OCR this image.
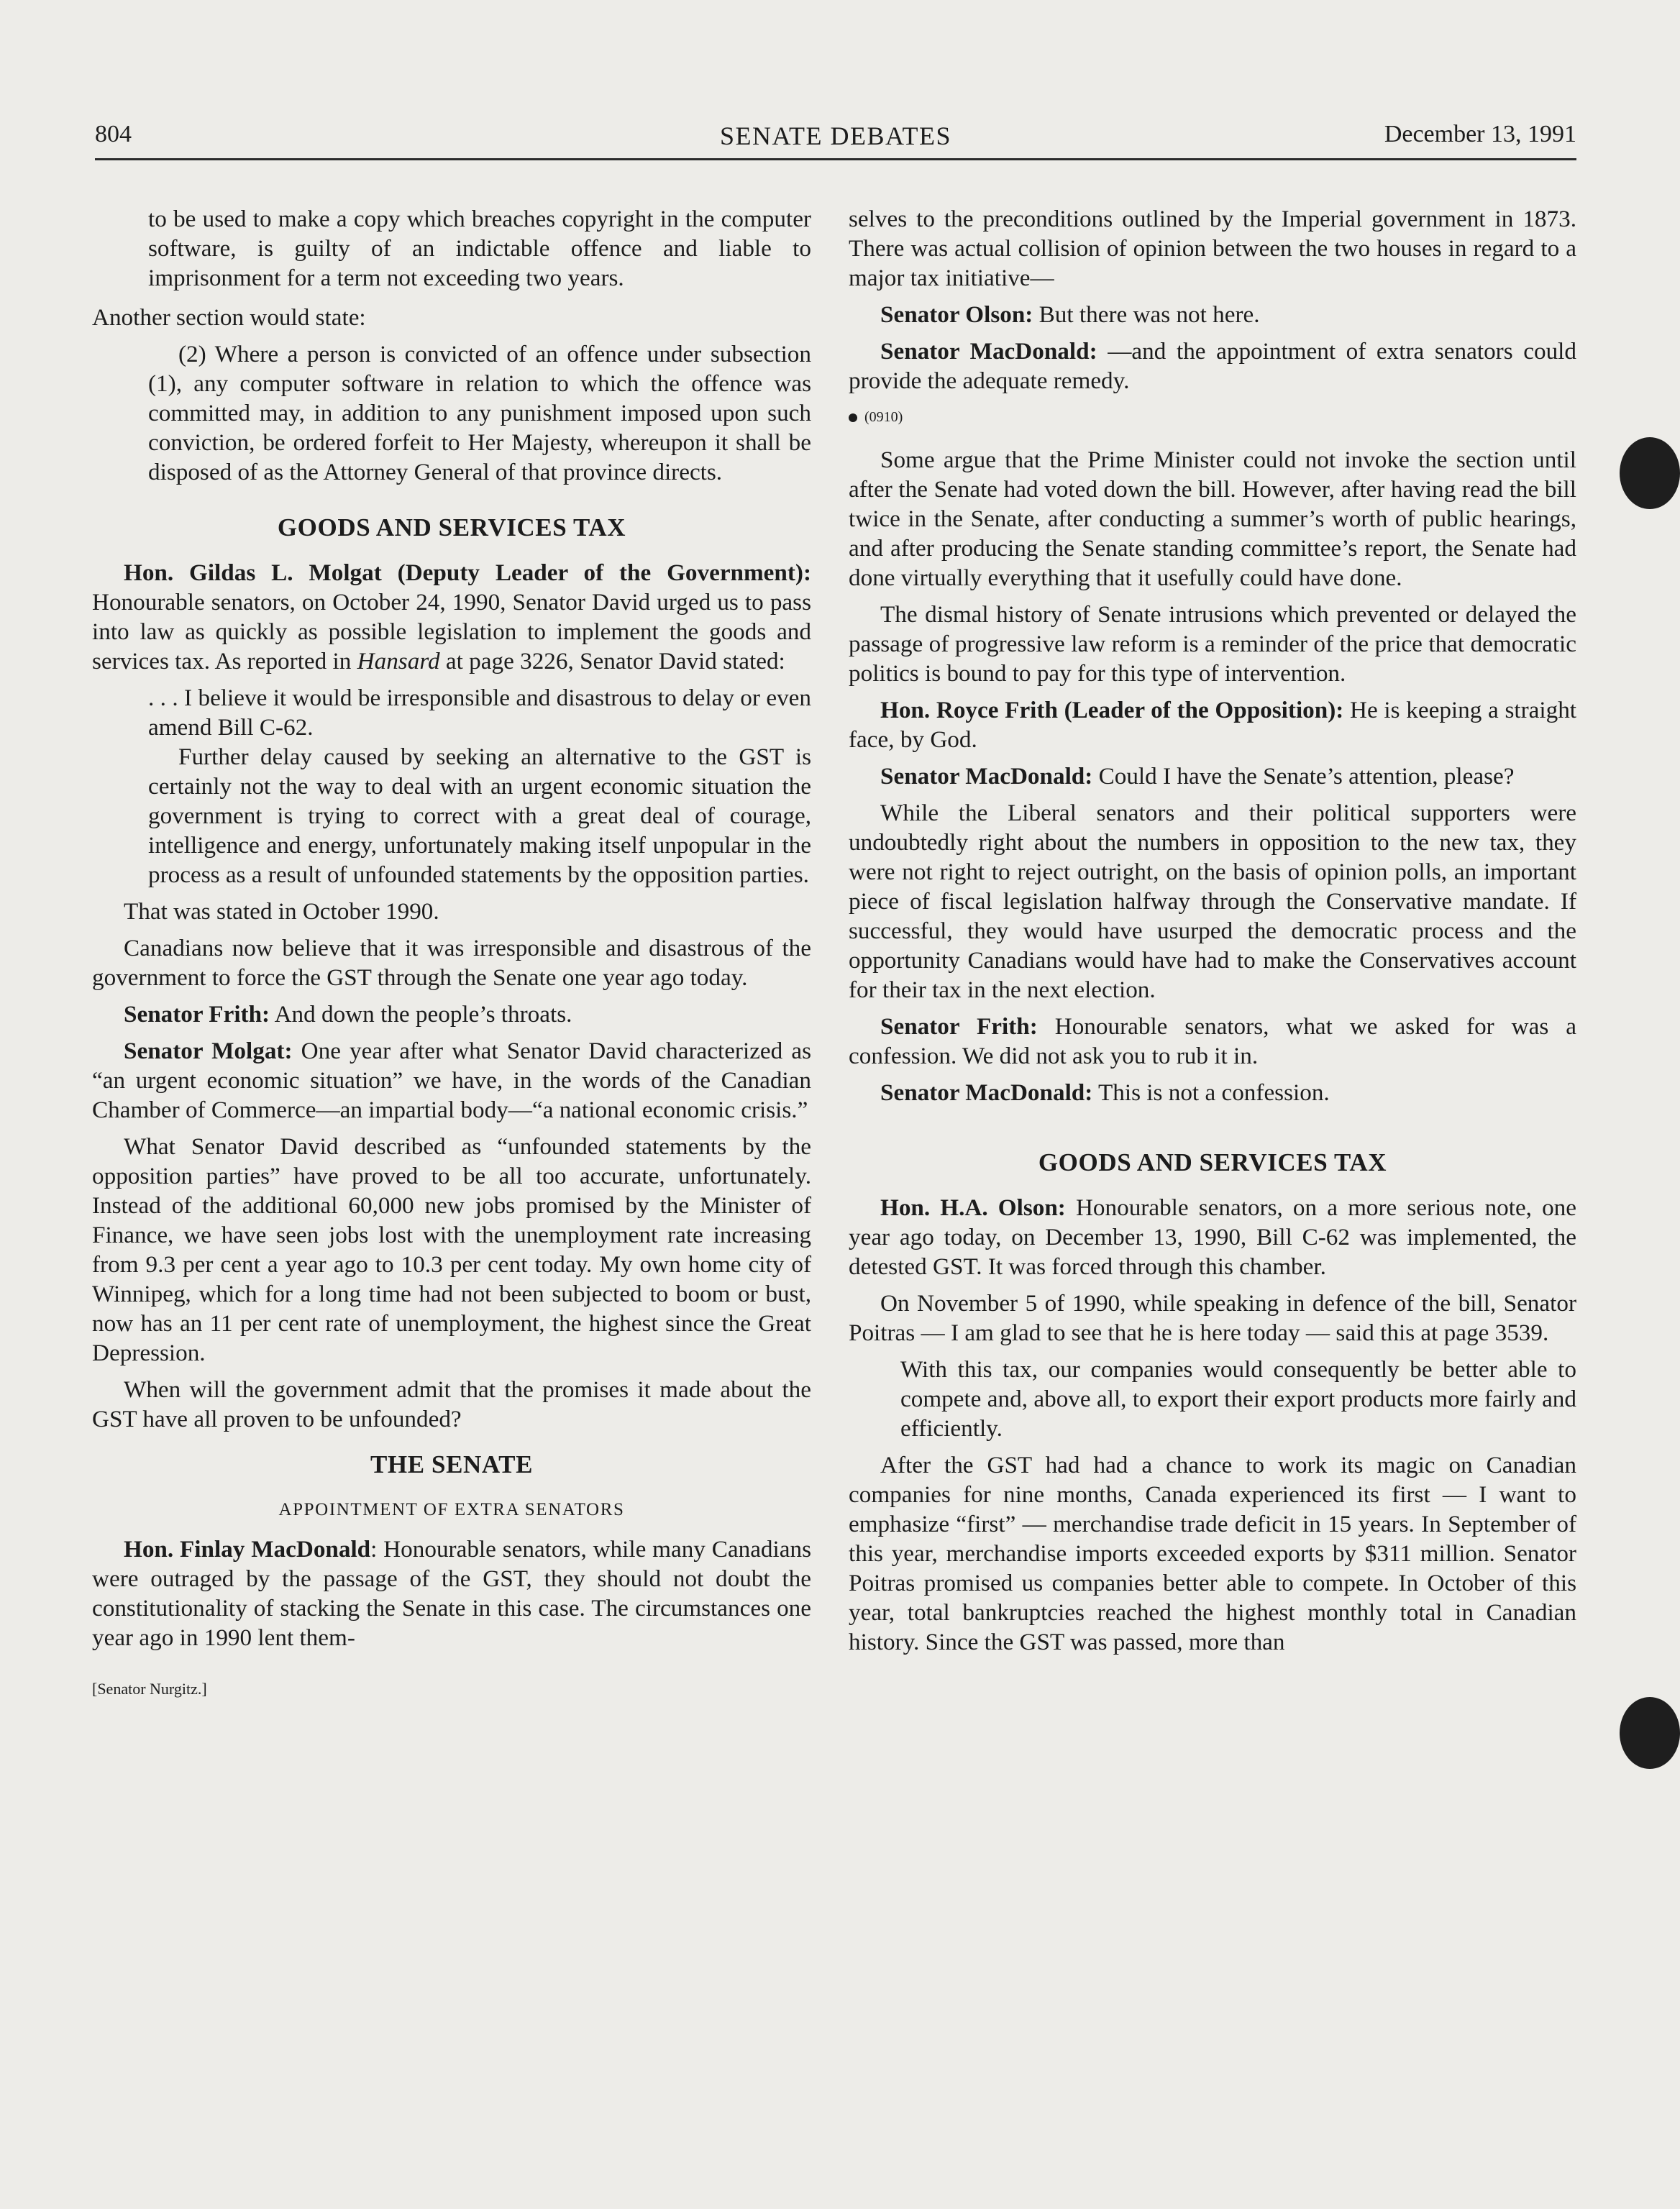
804	SENATE DEBATES	December 13, 1991

to be used to make a copy which breaches copyright in the computer software, is guilty of an indictable offence and liable to imprisonment for a term not exceeding two years.

Another section would state:

(2) Where a person is convicted of an offence under subsection (1), any computer software in relation to which the offence was committed may, in addition to any punishment imposed upon such conviction, be ordered forfeit to Her Majesty, whereupon it shall be disposed of as the Attorney General of that province directs.

GOODS AND SERVICES TAX

Hon. Gildas L. Molgat (Deputy Leader of the Government): Honourable senators, on October 24, 1990, Senator David urged us to pass into law as quickly as possible legislation to implement the goods and services tax. As reported in Hansard at page 3226, Senator David stated:

. . . I believe it would be irresponsible and disastrous to delay or even amend Bill C-62.

Further delay caused by seeking an alternative to the GST is certainly not the way to deal with an urgent economic situation the government is trying to correct with a great deal of courage, intelligence and energy, unfortunately making itself unpopular in the process as a result of unfounded statements by the opposition parties.

That was stated in October 1990.

Canadians now believe that it was irresponsible and disastrous of the government to force the GST through the Senate one year ago today.

Senator Frith: And down the people’s throats.

Senator Molgat: One year after what Senator David characterized as “an urgent economic situation” we have, in the words of the Canadian Chamber of Commerce—an impartial body—“a national economic crisis.”

What Senator David described as “unfounded statements by the opposition parties” have proved to be all too accurate, unfortunately. Instead of the additional 60,000 new jobs promised by the Minister of Finance, we have seen jobs lost with the unemployment rate increasing from 9.3 per cent a year ago to 10.3 per cent today. My own home city of Winnipeg, which for a long time had not been subjected to boom or bust, now has an 11 per cent rate of unemployment, the highest since the Great Depression.

When will the government admit that the promises it made about the GST have all proven to be unfounded?

THE SENATE
APPOINTMENT OF EXTRA SENATORS

Hon. Finlay MacDonald: Honourable senators, while many Canadians were outraged by the passage of the GST, they should not doubt the constitutionality of stacking the Senate in this case. The circumstances one year ago in 1990 lent them-

[Senator Nurgitz.]

selves to the preconditions outlined by the Imperial government in 1873. There was actual collision of opinion between the two houses in regard to a major tax initiative—

Senator Olson: But there was not here.

Senator MacDonald: —and the appointment of extra senators could provide the adequate remedy.

(0910)

Some argue that the Prime Minister could not invoke the section until after the Senate had voted down the bill. However, after having read the bill twice in the Senate, after conducting a summer’s worth of public hearings, and after producing the Senate standing committee’s report, the Senate had done virtually everything that it usefully could have done.

The dismal history of Senate intrusions which prevented or delayed the passage of progressive law reform is a reminder of the price that democratic politics is bound to pay for this type of intervention.

Hon. Royce Frith (Leader of the Opposition): He is keeping a straight face, by God.

Senator MacDonald: Could I have the Senate’s attention, please?

While the Liberal senators and their political supporters were undoubtedly right about the numbers in opposition to the new tax, they were not right to reject outright, on the basis of opinion polls, an important piece of fiscal legislation halfway through the Conservative mandate. If successful, they would have usurped the democratic process and the opportunity Canadians would have had to make the Conservatives account for their tax in the next election.

Senator Frith: Honourable senators, what we asked for was a confession. We did not ask you to rub it in.

Senator MacDonald: This is not a confession.

GOODS AND SERVICES TAX

Hon. H.A. Olson: Honourable senators, on a more serious note, one year ago today, on December 13, 1990, Bill C-62 was implemented, the detested GST. It was forced through this chamber.

On November 5 of 1990, while speaking in defence of the bill, Senator Poitras — I am glad to see that he is here today — said this at page 3539.

With this tax, our companies would consequently be better able to compete and, above all, to export their export products more fairly and efficiently.

After the GST had had a chance to work its magic on Canadian companies for nine months, Canada experienced its first — I want to emphasize “first” — merchandise trade deficit in 15 years. In September of this year, merchandise imports exceeded exports by $311 million. Senator Poitras promised us companies better able to compete. In October of this year, total bankruptcies reached the highest monthly total in Canadian history. Since the GST was passed, more than
